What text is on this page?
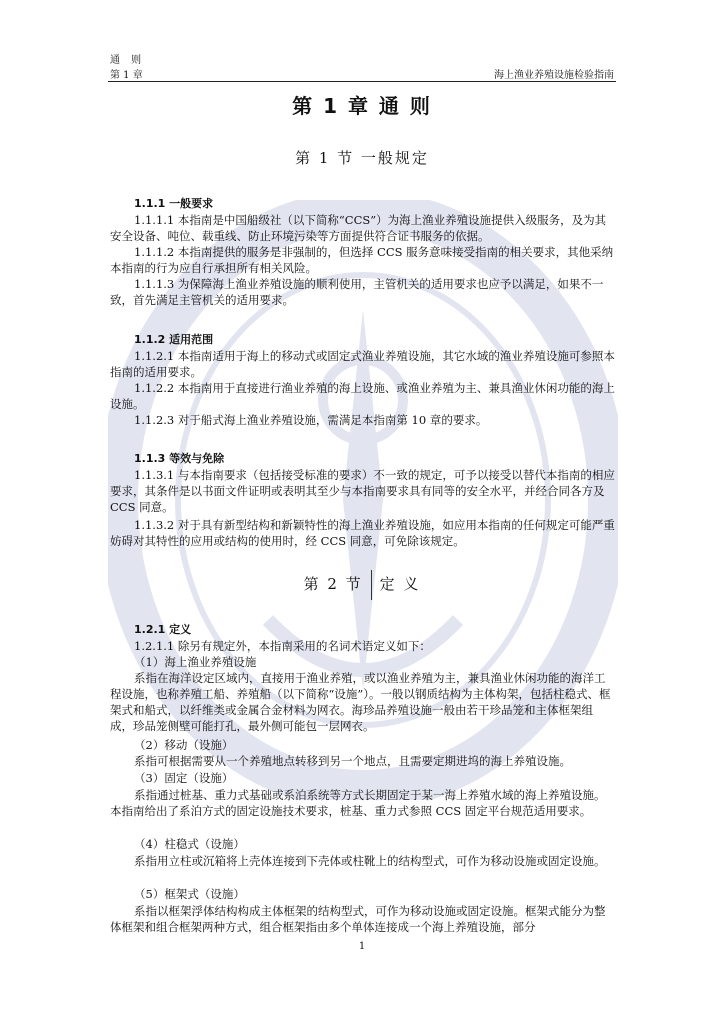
通 则
第 1 章	海上渔业养殖设施检验指南
第 1 章 通 则
第 1 节 一般规定
1.1.1 一般要求
1.1.1.1 本指南是中国船级社（以下简称“CCS”）为海上渔业养殖设施提供入级服务，及为其安全设备、吨位、载重线、防止环境污染等方面提供符合证书服务的依据。
1.1.1.2 本指南提供的服务是非强制的，但选择 CCS 服务意味接受指南的相关要求，其他采纳本指南的行为应自行承担所有相关风险。
1.1.1.3 为保障海上渔业养殖设施的顺利使用，主管机关的适用要求也应予以满足，如果不一致，首先满足主管机关的适用要求。
1.1.2 适用范围
1.1.2.1 本指南适用于海上的移动式或固定式渔业养殖设施，其它水域的渔业养殖设施可参照本指南的适用要求。
1.1.2.2 本指南用于直接进行渔业养殖的海上设施、或渔业养殖为主、兼具渔业休闲功能的海上设施。
1.1.2.3 对于船式海上渔业养殖设施，需满足本指南第 10 章的要求。
1.1.3 等效与免除
1.1.3.1 与本指南要求（包括接受标准的要求）不一致的规定，可予以接受以替代本指南的相应要求，其条件是以书面文件证明或表明其至少与本指南要求具有同等的安全水平，并经合同各方及 CCS 同意。
1.1.3.2 对于具有新型结构和新颖特性的海上渔业养殖设施，如应用本指南的任何规定可能严重妨碍对其特性的应用或结构的使用时，经 CCS 同意，可免除该规定。
第 2 节 定 义
1.2.1 定义
1.2.1.1 除另有规定外，本指南采用的名词术语定义如下：
（1）海上渔业养殖设施
系指在海洋设定区域内，直接用于渔业养殖，或以渔业养殖为主，兼具渔业休闲功能的海洋工程设施，也称养殖工船、养殖船（以下简称“设施”）。一般以钢质结构为主体构架，包括柱稳式、框架式和船式，以纤维类或金属合金材料为网衣。海珍品养殖设施一般由若干珍品笼和主体框架组成，珍品笼侧壁可能打孔，最外侧可能包一层网衣。
（2）移动（设施）
系指可根据需要从一个养殖地点转移到另一个地点，且需要定期进坞的海上养殖设施。
（3）固定（设施）
系指通过桩基、重力式基础或系泊系统等方式长期固定于某一海上养殖水域的海上养殖设施。本指南给出了系泊方式的固定设施技术要求，桩基、重力式参照 CCS 固定平台规范适用要求。
（4）柱稳式（设施）
系指用立柱或沉箱将上壳体连接到下壳体或柱靴上的结构型式，可作为移动设施或固定设施。
（5）框架式（设施）
系指以框架浮体结构构成主体框架的结构型式，可作为移动设施或固定设施。框架式能分为整体框架和组合框架两种方式，组合框架指由多个单体连接成一个海上养殖设施，部分
1
